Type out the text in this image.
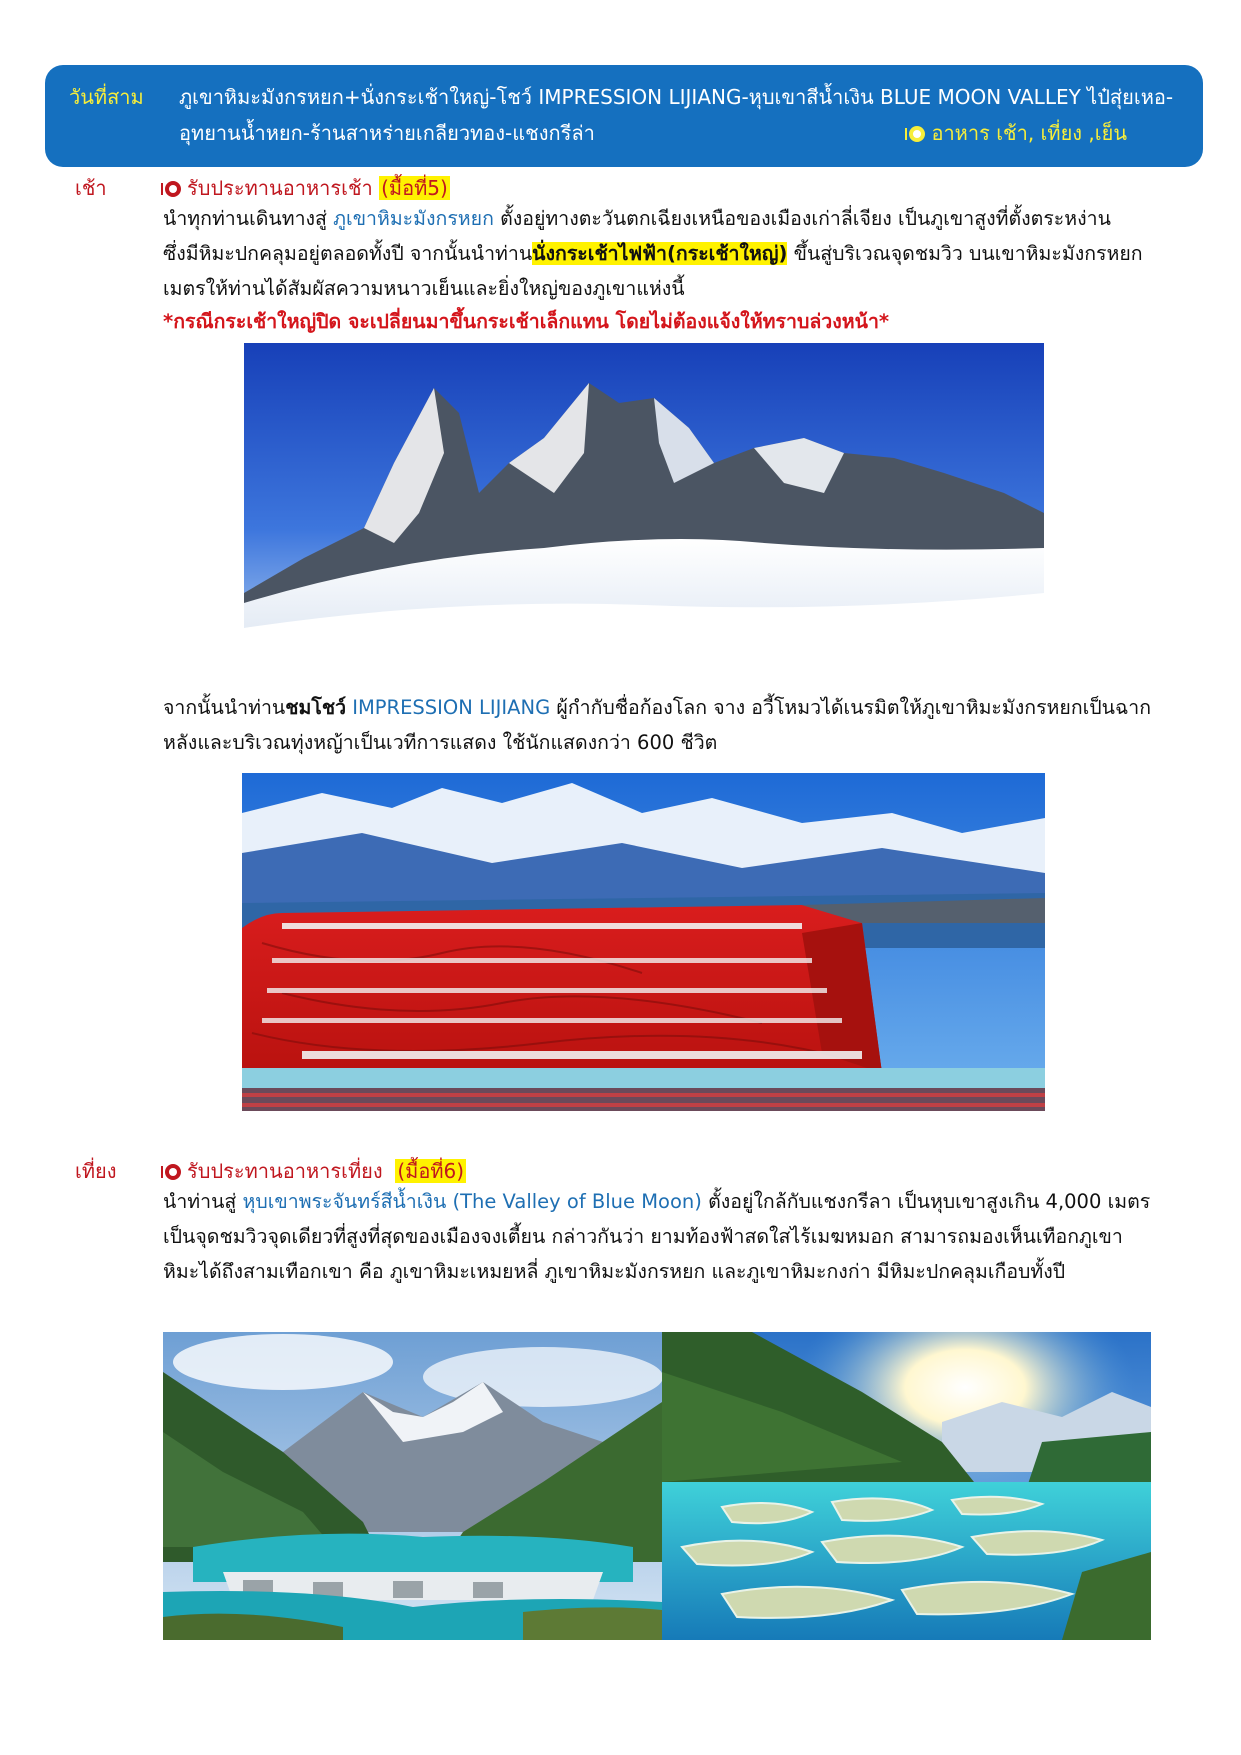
วันที่สาม ภูเขาหิมะมังกรหยก+นั่งกระเช้าใหญ่-โชว์ IMPRESSION LIJIANG-หุบเขาสีน้ำเงิน BLUE MOON VALLEY ไป๋สุ่ยเหอ-
อุทยานน้ำหยก-ร้านสาหร่ายเกลียวทอง-แชงกรีล่า	อาหาร เช้า, เที่ยง ,เย็น
เช้า	รับประทานอาหารเช้า (มื้อที่5)
นำทุกท่านเดินทางสู่ ภูเขาหิมะมังกรหยก ตั้งอยู่ทางตะวันตกเฉียงเหนือของเมืองเก่าลี่เจียง เป็นภูเขาสูงที่ตั้งตระหง่าน
ซึ่งมีหิมะปกคลุมอยู่ตลอดทั้งปี จากนั้นนำท่านนั่งกระเช้าไฟฟ้า(กระเช้าใหญ่) ขึ้นสู่บริเวณจุดชมวิว บนเขาหิมะมังกรหยก
เมตรให้ท่านได้สัมผัสความหนาวเย็นและยิ่งใหญ่ของภูเขาแห่งนี้
*กรณีกระเช้าใหญ่ปิด จะเปลี่ยนมาขึ้นกระเช้าเล็กแทน โดยไม่ต้องแจ้งให้ทราบล่วงหน้า*
จากนั้นนำท่านชมโชว์ IMPRESSION LIJIANG ผู้กำกับชื่อก้องโลก จาง อวี้โหมวได้เนรมิตให้ภูเขาหิมะมังกรหยกเป็นฉาก
หลังและบริเวณทุ่งหญ้าเป็นเวทีการแสดง ใช้นักแสดงกว่า 600 ชีวิต
เที่ยง	รับประทานอาหารเที่ยง (มื้อที่6)
นำท่านสู่ หุบเขาพระจันทร์สีน้ำเงิน (The Valley of Blue Moon) ตั้งอยู่ใกล้กับแชงกรีลา เป็นหุบเขาสูงเกิน 4,000 เมตร
เป็นจุดชมวิวจุดเดียวที่สูงที่สุดของเมืองจงเตี้ยน กล่าวกันว่า ยามท้องฟ้าสดใสไร้เมฆหมอก สามารถมองเห็นเทือกภูเขา
หิมะได้ถึงสามเทือกเขา คือ ภูเขาหิมะเหมยหลี่ ภูเขาหิมะมังกรหยก และภูเขาหิมะกงก่า มีหิมะปกคลุมเกือบทั้งปี
